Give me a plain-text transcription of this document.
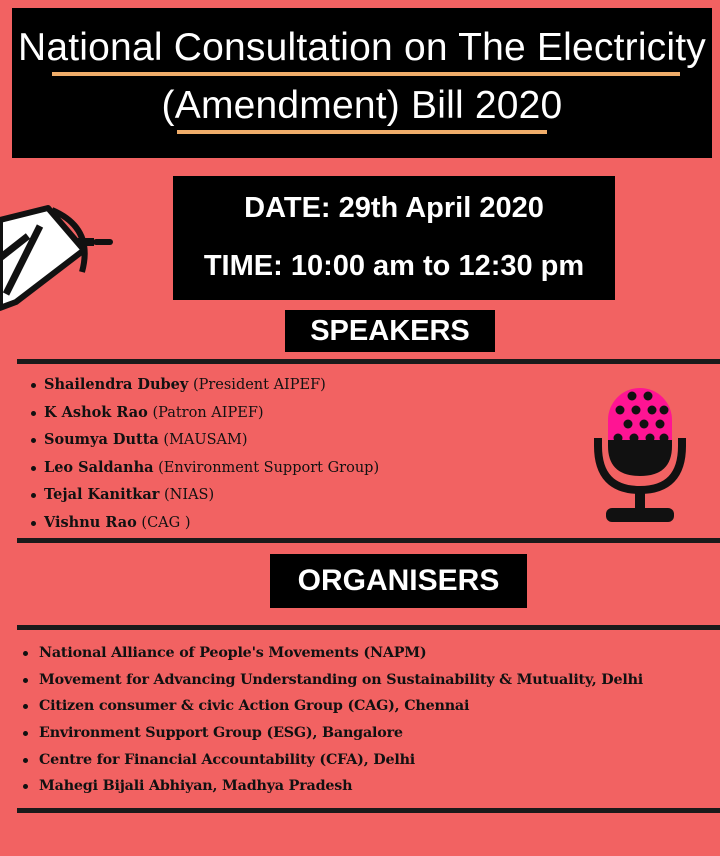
National Consultation on The Electricity
(Amendment) Bill 2020
DATE: 29th April 2020
TIME: 10:00 am to 12:30 pm
SPEAKERS
Shailendra Dubey (President AIPEF)
K Ashok Rao (Patron AIPEF)
Soumya Dutta (MAUSAM)
Leo Saldanha (Environment Support Group)
Tejal Kanitkar (NIAS)
Vishnu Rao (CAG )
ORGANISERS
National Alliance of People's Movements (NAPM)
Movement for Advancing Understanding on Sustainability & Mutuality, Delhi
Citizen consumer & civic Action Group (CAG), Chennai
Environment Support Group (ESG), Bangalore
Centre for Financial Accountability (CFA), Delhi
Mahegi Bijali Abhiyan, Madhya Pradesh
